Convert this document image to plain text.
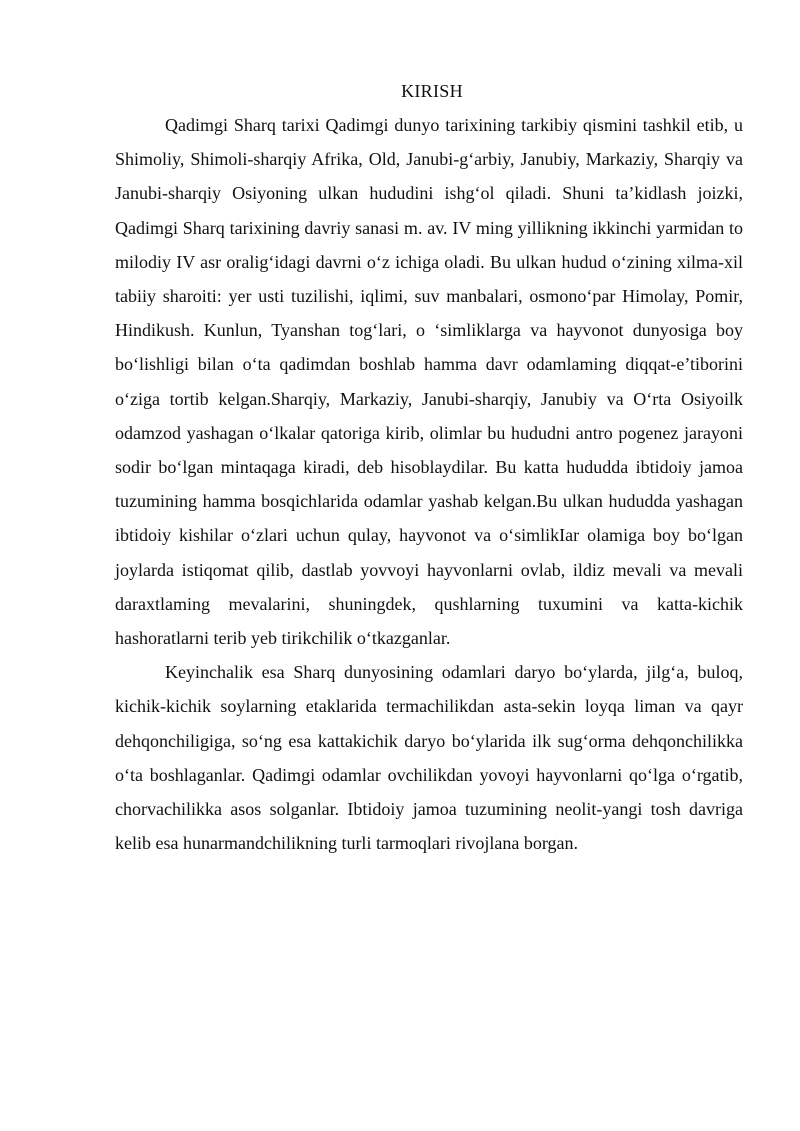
KIRISH

Qadimgi Sharq tarixi Qadimgi dunyo tarixining tarkibiy qismini tashkil etib, u Shimoliy, Shimoli-sharqiy Afrika, Old, Janubi-g‘arbiy, Janubiy, Markaziy, Sharqiy va Janubi-sharqiy Osiyoning ulkan hududini ishg‘ol qiladi. Shuni ta’kidlash joizki, Qadimgi Sharq tarixining davriy sanasi m. av. IV ming yillikning ikkinchi yarmidan to milodiy IV asr oralig‘idagi davrni o‘z ichiga oladi. Bu ulkan hudud o‘zining xilma-xil tabiiy sharoiti: yer usti tuzilishi, iqlimi, suv manbalari, osmono‘par Himolay, Pomir, Hindikush. Kunlun, Tyanshan tog‘lari, o ‘simliklarga va hayvonot dunyosiga boy bo‘lishligi bilan o‘ta qadimdan boshlab hamma davr odamlaming diqqat-e’tiborini o‘ziga tortib kelgan.Sharqiy, Markaziy, Janubi-sharqiy, Janubiy va O‘rta Osiyoilk odamzod yashagan o‘lkalar qatoriga kirib, olimlar bu hududni antro pogenez jarayoni sodir bo‘lgan mintaqaga kiradi, deb hisoblaydilar. Bu katta hududda ibtidoiy jamoa tuzumining hamma bosqichlarida odamlar yashab kelgan.Bu ulkan hududda yashagan ibtidoiy kishilar o‘zlari uchun qulay, hayvonot va o‘simlikIar olamiga boy bo‘lgan joylarda istiqomat qilib, dastlab yovvoyi hayvonlarni ovlab, ildiz mevali va mevali daraxtlaming mevalarini, shuningdek, qushlarning tuxumini va katta-kichik hashoratlarni terib yeb tirikchilik o‘tkazganlar.

Keyinchalik esa Sharq dunyosining odamlari daryo bo‘ylarda, jilg‘a, buloq, kichik-kichik soylarning etaklarida termachilikdan asta-sekin loyqa liman va qayr dehqonchiligiga, so‘ng esa kattakichik daryo bo‘ylarida ilk sug‘orma dehqonchilikka o‘ta boshlaganlar. Qadimgi odamlar ovchilikdan yovoyi hayvonlarni qo‘lga o‘rgatib, chorvachilikka asos solganlar. Ibtidoiy jamoa tuzumining neolit-yangi tosh davriga kelib esa hunarmandchilikning turli tarmoqlari rivojlana borgan.
